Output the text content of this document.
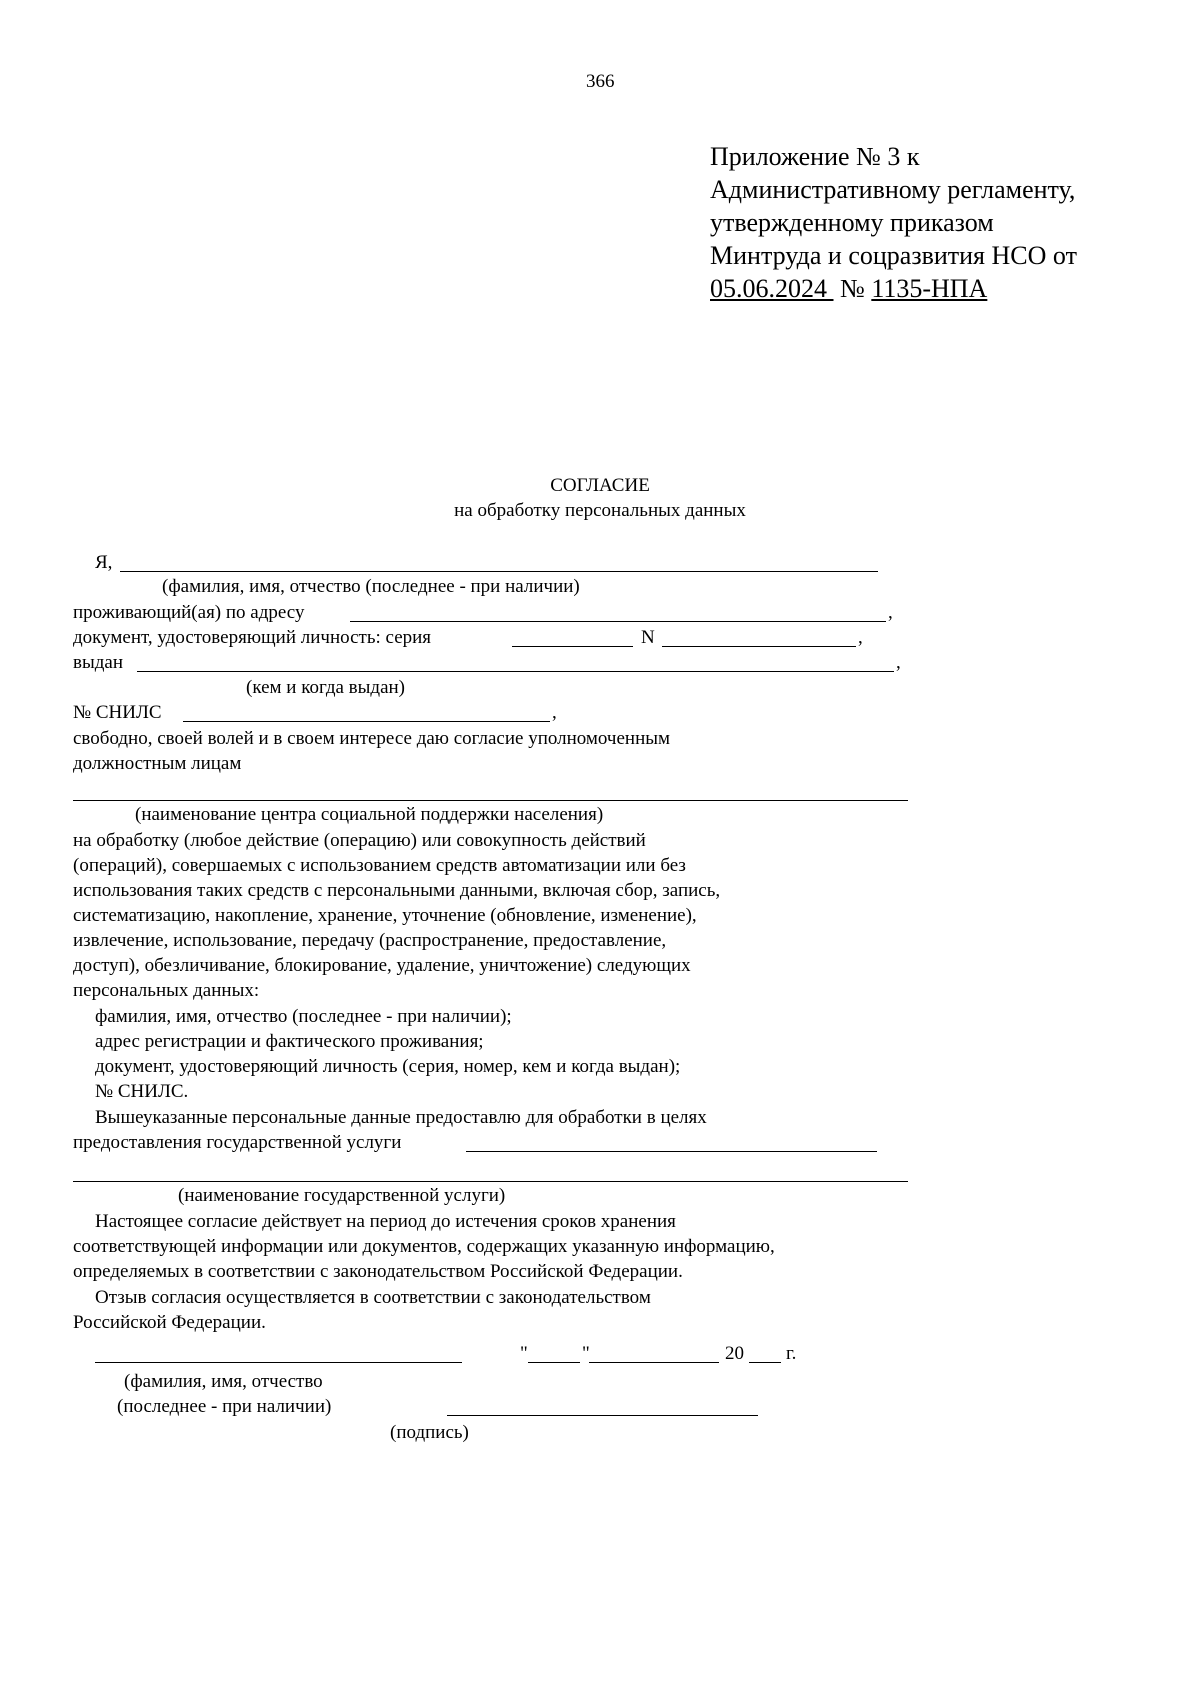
366
Приложение № 3 к
Административному регламенту,
утвержденному приказом
Минтруда и соцразвития НСО от
05.06.2024 № 1135-НПА
СОГЛАСИЕ
на обработку персональных данных
Я,
(фамилия, имя, отчество (последнее - при наличии)
проживающий(ая) по адресу	,
документ, удостоверяющий личность: серия	N	,
выдан	,
(кем и когда выдан)
№ СНИЛС	,
свободно, своей волей и в своем интересе даю согласие уполномоченным
должностным лицам
(наименование центра социальной поддержки населения)
на обработку (любое действие (операцию) или совокупность действий
(операций), совершаемых с использованием средств автоматизации или без
использования таких средств с персональными данными, включая сбор, запись,
систематизацию, накопление, хранение, уточнение (обновление, изменение),
извлечение, использование, передачу (распространение, предоставление,
доступ), обезличивание, блокирование, удаление, уничтожение) следующих
персональных данных:
фамилия, имя, отчество (последнее - при наличии);
адрес регистрации и фактического проживания;
документ, удостоверяющий личность (серия, номер, кем и когда выдан);
№ СНИЛС.
Вышеуказанные персональные данные предоставлю для обработки в целях
предоставления государственной услуги
(наименование государственной услуги)
Настоящее согласие действует на период до истечения сроков хранения
соответствующей информации или документов, содержащих указанную информацию,
определяемых в соответствии с законодательством Российской Федерации.
Отзыв согласия осуществляется в соответствии с законодательством
Российской Федерации.
"	"	20 г.
(фамилия, имя, отчество
(последнее - при наличии)
(подпись)
